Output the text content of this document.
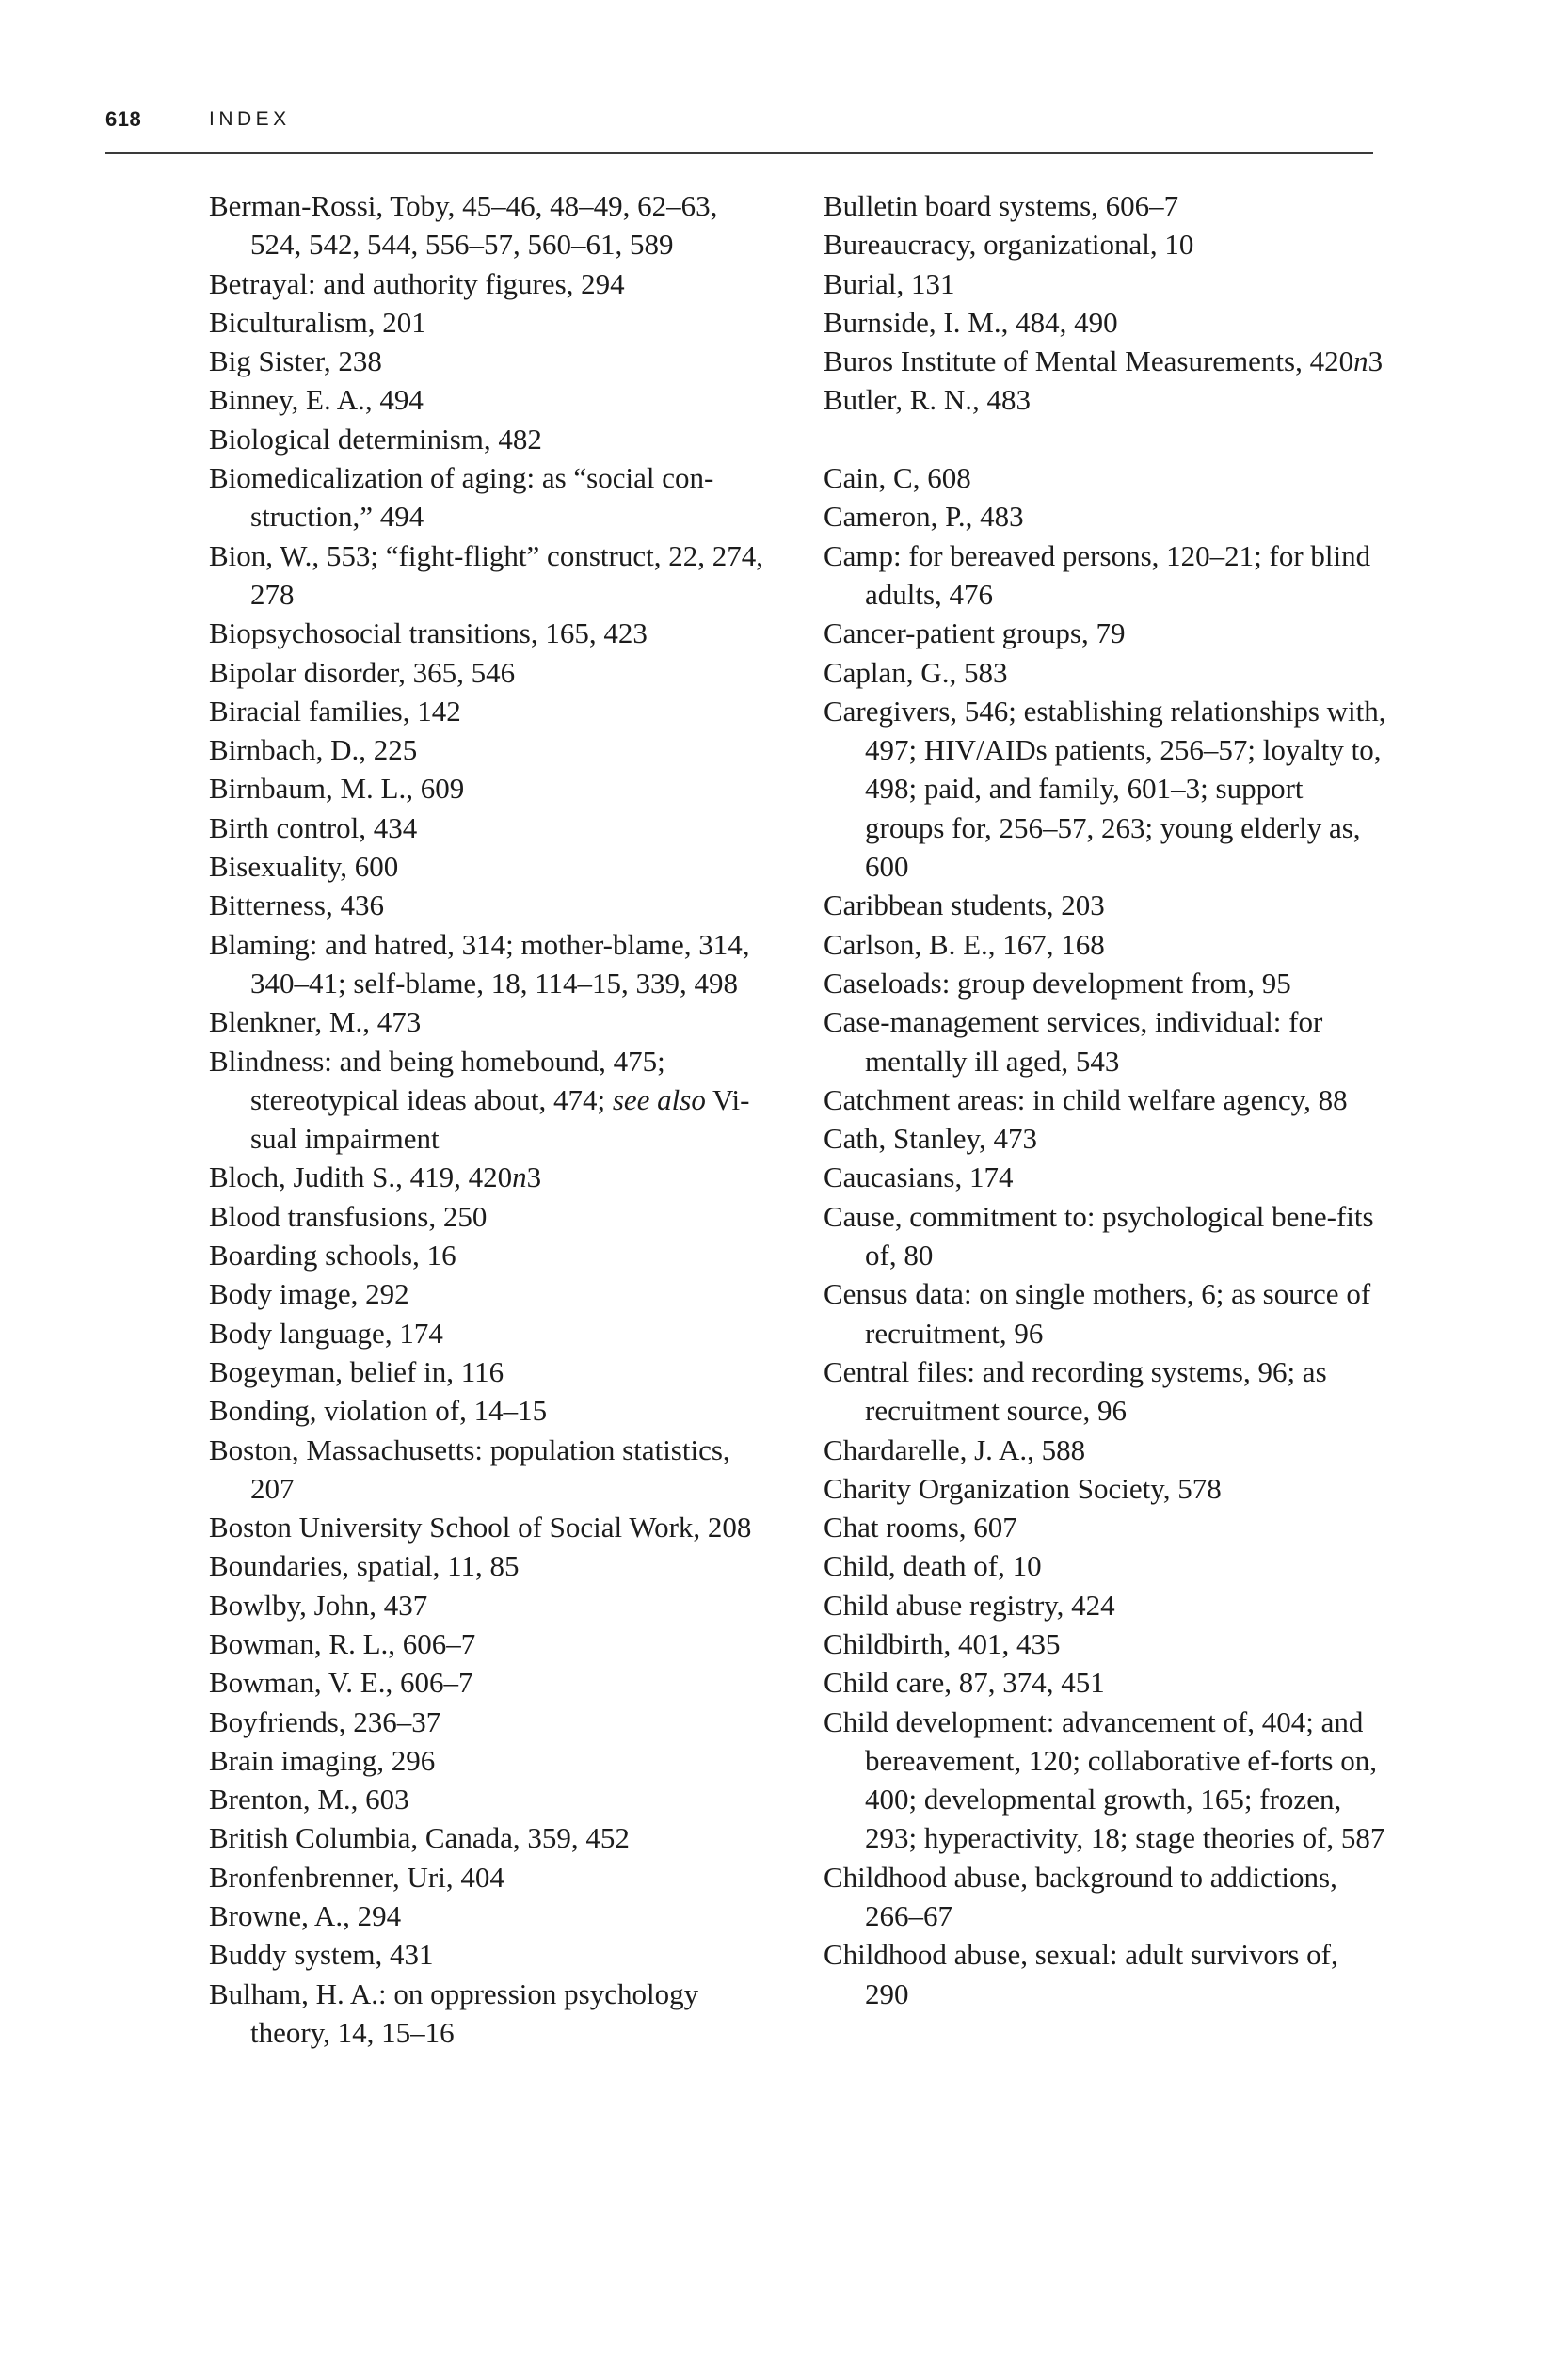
618	INDEX
Berman-Rossi, Toby, 45–46, 48–49, 62–63, 524, 542, 544, 556–57, 560–61, 589
Betrayal: and authority figures, 294
Biculturalism, 201
Big Sister, 238
Binney, E. A., 494
Biological determinism, 482
Biomedicalization of aging: as “social con-struction,” 494
Bion, W., 553; “fight-flight” construct, 22, 274, 278
Biopsychosocial transitions, 165, 423
Bipolar disorder, 365, 546
Biracial families, 142
Birnbach, D., 225
Birnbaum, M. L., 609
Birth control, 434
Bisexuality, 600
Bitterness, 436
Blaming: and hatred, 314; mother-blame, 314, 340–41; self-blame, 18, 114–15, 339, 498
Blenkner, M., 473
Blindness: and being homebound, 475; stereotypical ideas about, 474; see also Vi-sual impairment
Bloch, Judith S., 419, 420n3
Blood transfusions, 250
Boarding schools, 16
Body image, 292
Body language, 174
Bogeyman, belief in, 116
Bonding, violation of, 14–15
Boston, Massachusetts: population statistics, 207
Boston University School of Social Work, 208
Boundaries, spatial, 11, 85
Bowlby, John, 437
Bowman, R. L., 606–7
Bowman, V. E., 606–7
Boyfriends, 236–37
Brain imaging, 296
Brenton, M., 603
British Columbia, Canada, 359, 452
Bronfenbrenner, Uri, 404
Browne, A., 294
Buddy system, 431
Bulham, H. A.: on oppression psychology theory, 14, 15–16
Bulletin board systems, 606–7
Bureaucracy, organizational, 10
Burial, 131
Burnside, I. M., 484, 490
Buros Institute of Mental Measurements, 420n3
Butler, R. N., 483
Cain, C, 608
Cameron, P., 483
Camp: for bereaved persons, 120–21; for blind adults, 476
Cancer-patient groups, 79
Caplan, G., 583
Caregivers, 546; establishing relationships with, 497; HIV/AIDs patients, 256–57; loyalty to, 498; paid, and family, 601–3; support groups for, 256–57, 263; young elderly as, 600
Caribbean students, 203
Carlson, B. E., 167, 168
Caseloads: group development from, 95
Case-management services, individual: for mentally ill aged, 543
Catchment areas: in child welfare agency, 88
Cath, Stanley, 473
Caucasians, 174
Cause, commitment to: psychological bene-fits of, 80
Census data: on single mothers, 6; as source of recruitment, 96
Central files: and recording systems, 96; as recruitment source, 96
Chardarelle, J. A., 588
Charity Organization Society, 578
Chat rooms, 607
Child, death of, 10
Child abuse registry, 424
Childbirth, 401, 435
Child care, 87, 374, 451
Child development: advancement of, 404; and bereavement, 120; collaborative ef-forts on, 400; developmental growth, 165; frozen, 293; hyperactivity, 18; stage theories of, 587
Childhood abuse, background to addictions, 266–67
Childhood abuse, sexual: adult survivors of, 290
